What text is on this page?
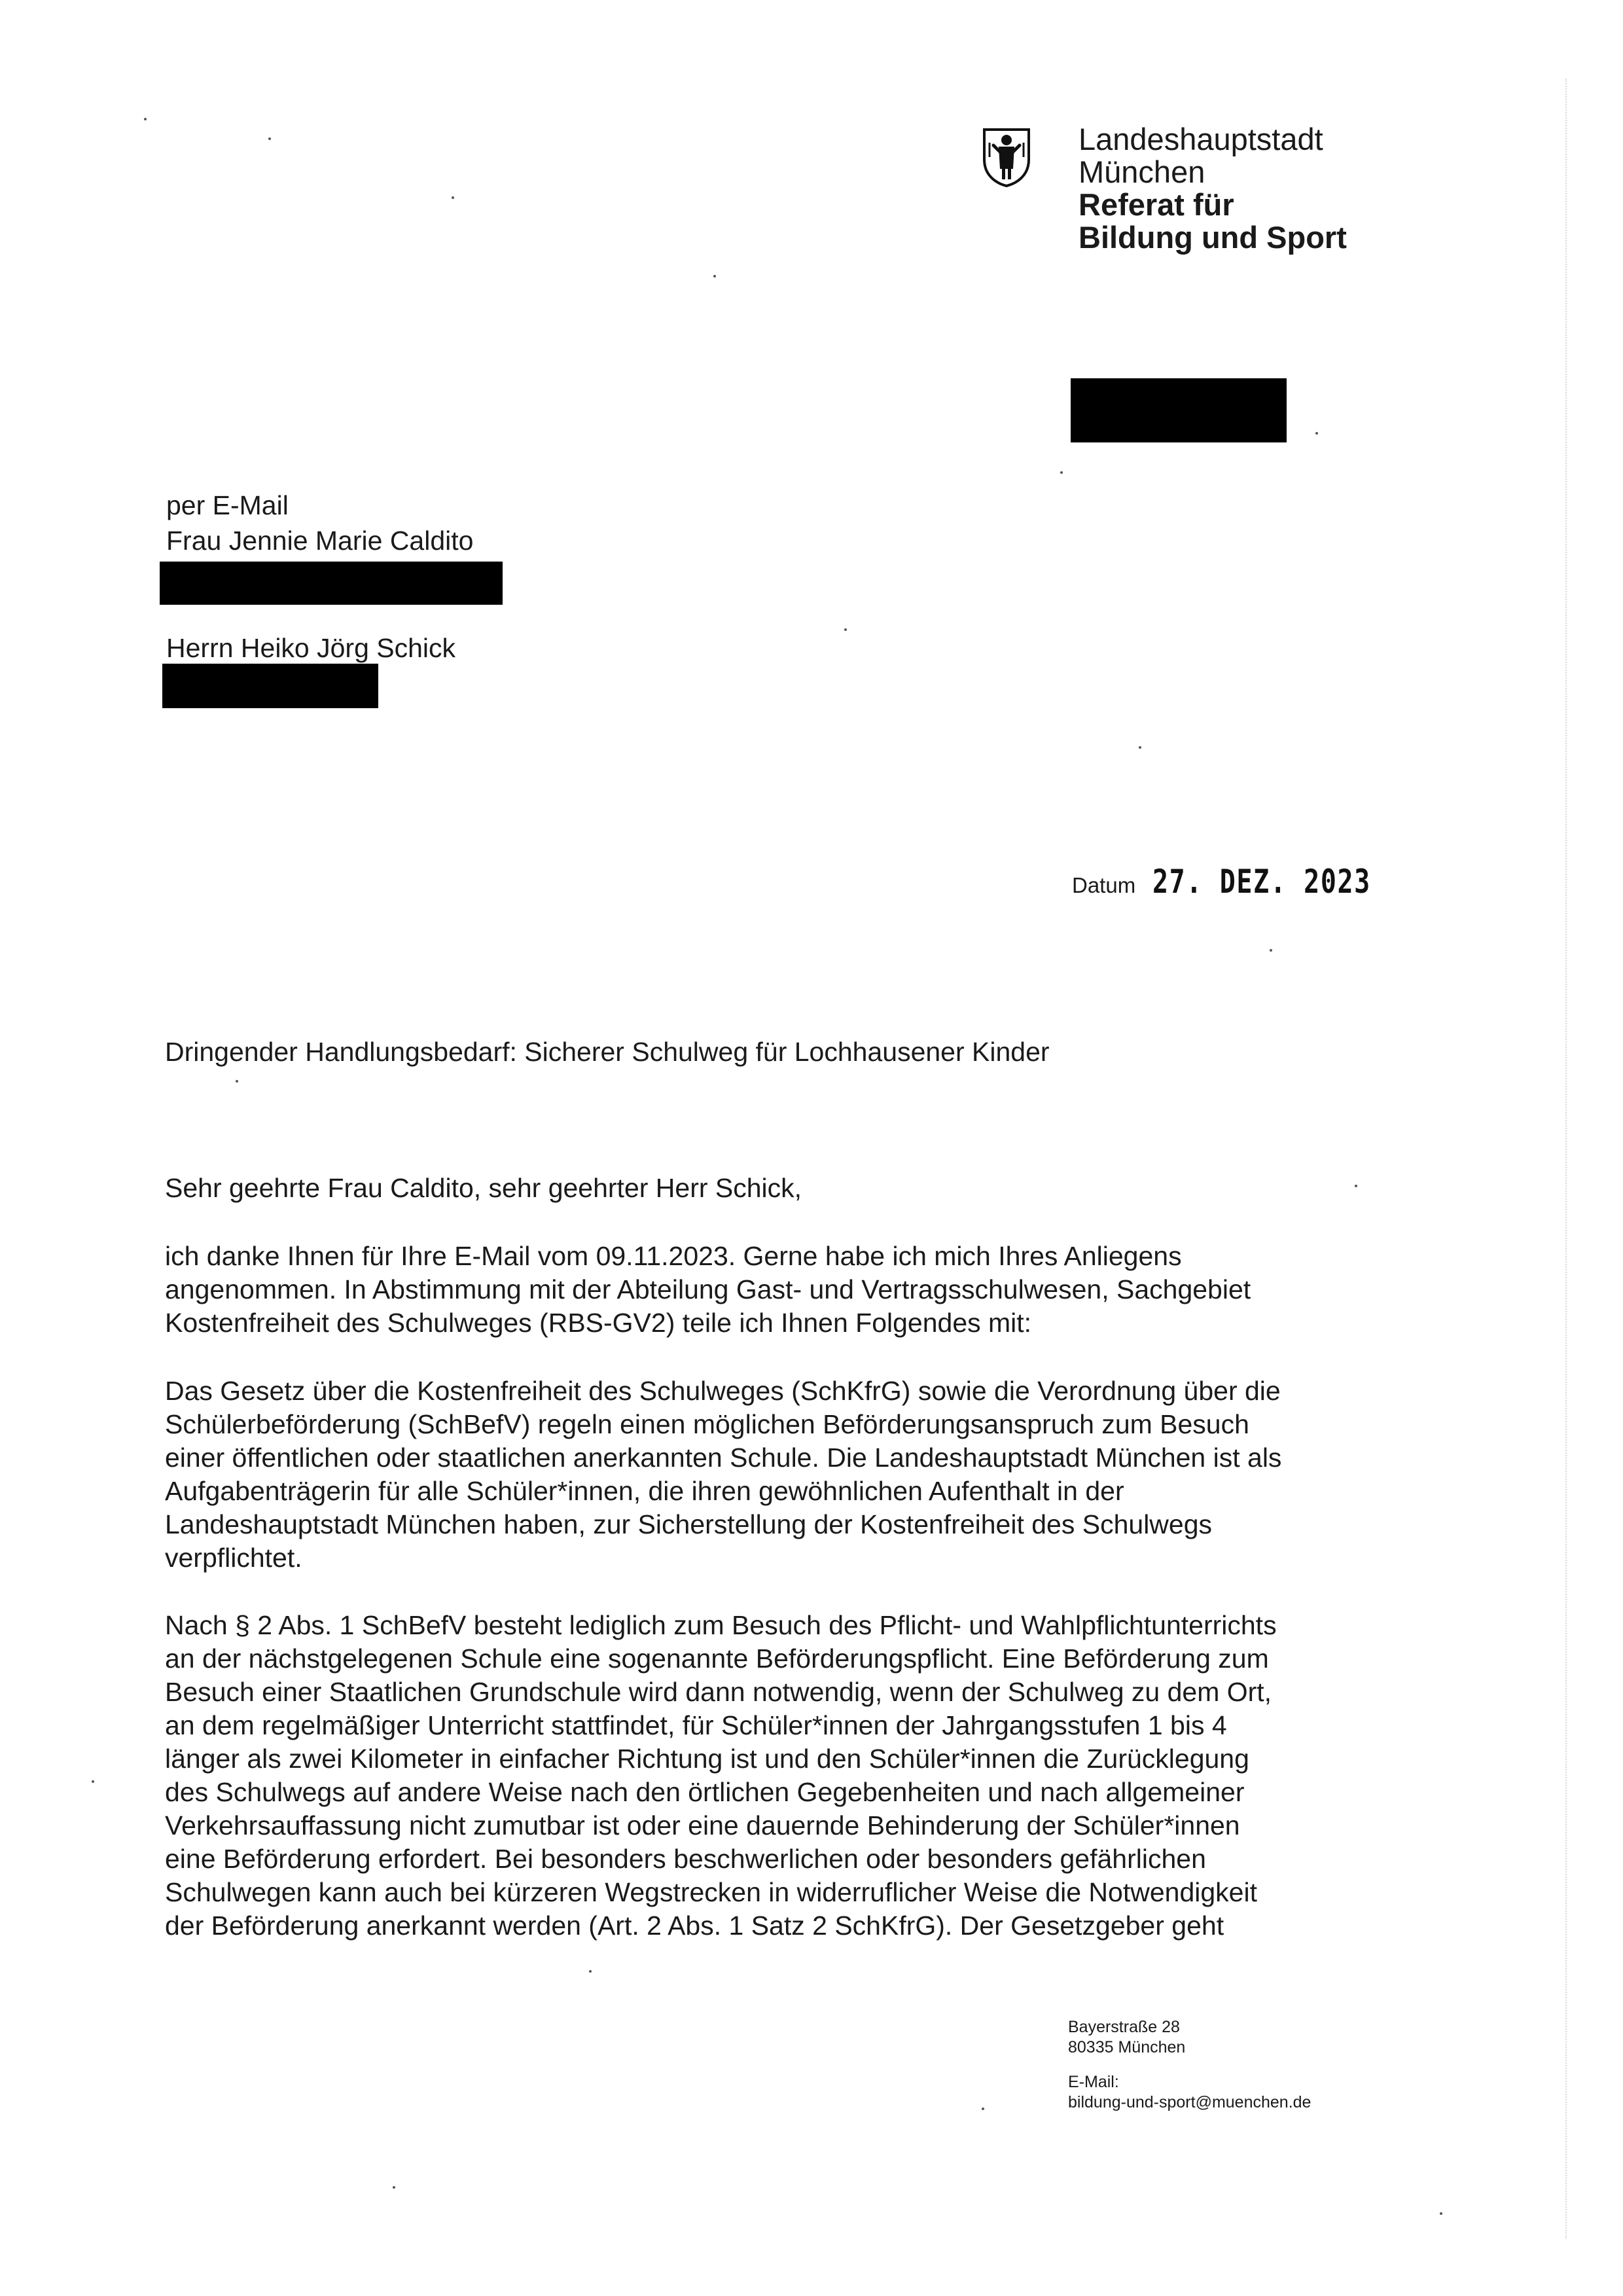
Landeshauptstadt
München
Referat für
Bildung und Sport
per E-Mail
Frau Jennie Marie Caldito
Herrn Heiko Jörg Schick
Datum 27. DEZ. 2023
Dringender Handlungsbedarf: Sicherer Schulweg für Lochhausener Kinder
Sehr geehrte Frau Caldito, sehr geehrter Herr Schick,
ich danke Ihnen für Ihre E-Mail vom 09.11.2023. Gerne habe ich mich Ihres Anliegens
angenommen. In Abstimmung mit der Abteilung Gast- und Vertragsschulwesen, Sachgebiet
Kostenfreiheit des Schulweges (RBS-GV2) teile ich Ihnen Folgendes mit:
Das Gesetz über die Kostenfreiheit des Schulweges (SchKfrG) sowie die Verordnung über die
Schülerbeförderung (SchBefV) regeln einen möglichen Beförderungsanspruch zum Besuch
einer öffentlichen oder staatlichen anerkannten Schule. Die Landeshauptstadt München ist als
Aufgabenträgerin für alle Schüler*innen, die ihren gewöhnlichen Aufenthalt in der
Landeshauptstadt München haben, zur Sicherstellung der Kostenfreiheit des Schulwegs
verpflichtet.
Nach § 2 Abs. 1 SchBefV besteht lediglich zum Besuch des Pflicht- und Wahlpflichtunterrichts
an der nächstgelegenen Schule eine sogenannte Beförderungspflicht. Eine Beförderung zum
Besuch einer Staatlichen Grundschule wird dann notwendig, wenn der Schulweg zu dem Ort,
an dem regelmäßiger Unterricht stattfindet, für Schüler*innen der Jahrgangsstufen 1 bis 4
länger als zwei Kilometer in einfacher Richtung ist und den Schüler*innen die Zurücklegung
des Schulwegs auf andere Weise nach den örtlichen Gegebenheiten und nach allgemeiner
Verkehrsauffassung nicht zumutbar ist oder eine dauernde Behinderung der Schüler*innen
eine Beförderung erfordert. Bei besonders beschwerlichen oder besonders gefährlichen
Schulwegen kann auch bei kürzeren Wegstrecken in widerruflicher Weise die Notwendigkeit
der Beförderung anerkannt werden (Art. 2 Abs. 1 Satz 2 SchKfrG). Der Gesetzgeber geht
Bayerstraße 28
80335 München
E-Mail:
bildung-und-sport@muenchen.de
